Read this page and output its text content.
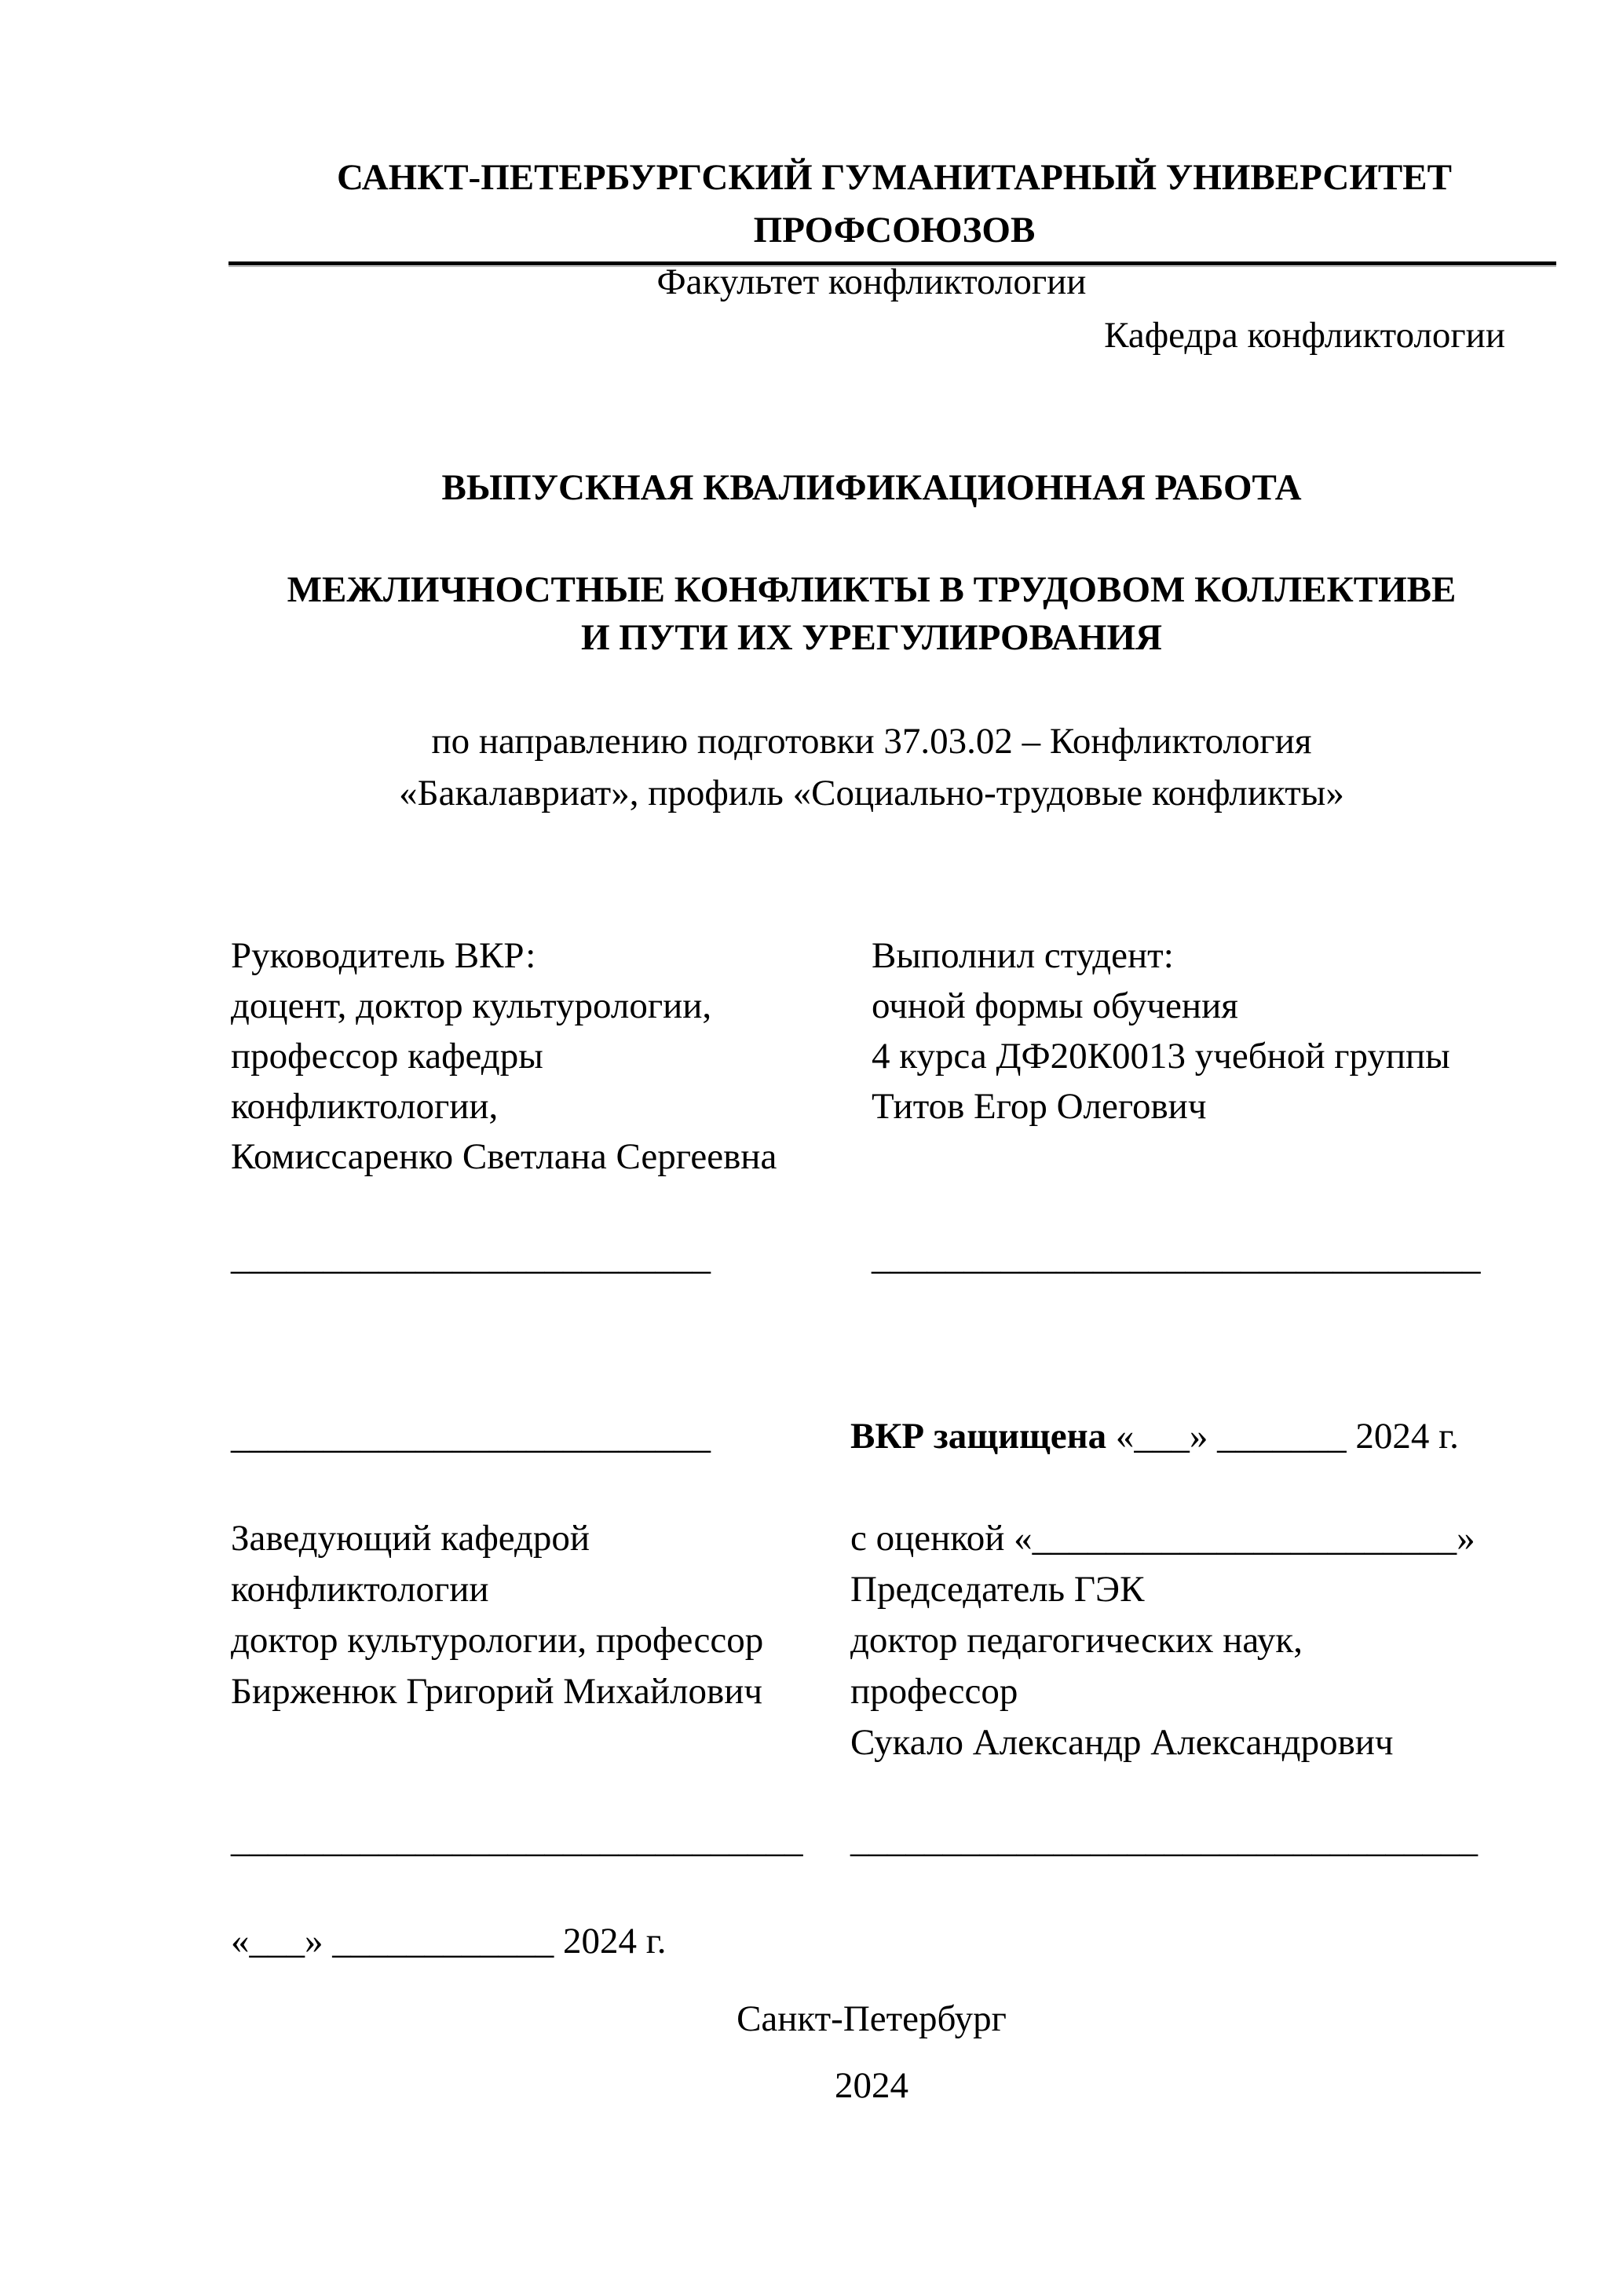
САНКТ-ПЕТЕРБУРГСКИЙ ГУМАНИТАРНЫЙ УНИВЕРСИТЕТ
ПРОФСОЮЗОВ
Факультет конфликтологии
Кафедра конфликтологии
ВЫПУСКНАЯ КВАЛИФИКАЦИОННАЯ РАБОТА
МЕЖЛИЧНОСТНЫЕ КОНФЛИКТЫ В ТРУДОВОМ КОЛЛЕКТИВЕ
И ПУТИ ИХ УРЕГУЛИРОВАНИЯ
по направлению подготовки 37.03.02 – Конфликтология
«Бакалавриат», профиль «Социально-трудовые конфликты»
Руководитель ВКР:
доцент, доктор культурологии,
профессор кафедры
конфликтологии,
Комиссаренко Светлана Сергеевна
__________________________
__________________________
Выполнил студент:
очной формы обучения
4 курса ДФ20К0013 учебной группы
Титов Егор Олегович
_________________________________
ВКР защищена «___» _______ 2024 г.
Заведующий кафедрой
конфликтологии
доктор культурологии, профессор
Бирженюк Григорий Михайлович
_______________________________
«___» ____________ 2024 г.
с оценкой «_______________________»
Председатель ГЭК
доктор педагогических наук,
профессор
Сукало Александр Александрович
__________________________________
Санкт-Петербург
2024
